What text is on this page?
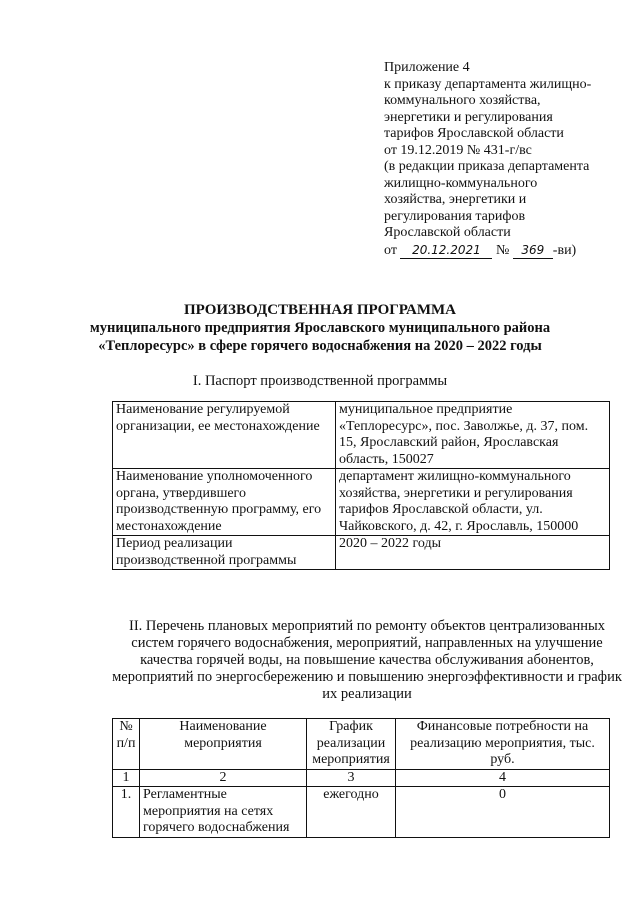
Приложение 4
к приказу департамента жилищно-
коммунального хозяйства,
энергетики и регулирования
тарифов Ярославской области
от 19.12.2019 № 431-г/вс
(в редакции приказа департамента
жилищно-коммунального
хозяйства, энергетики и
регулирования тарифов
Ярославской области
от 20.12.2021 № 369 -ви)
ПРОИЗВОДСТВЕННАЯ ПРОГРАММА
муниципального предприятия Ярославского муниципального района
«Теплоресурс» в сфере горячего водоснабжения на 2020 – 2022 годы
I. Паспорт производственной программы
Наименование регулируемой организации, ее местонахождение	муниципальное предприятие «Теплоресурс», пос. Заволжье, д. 37, пом. 15, Ярославский район, Ярославская область, 150027
Наименование уполномоченного органа, утвердившего производственную программу, его местонахождение	департамент жилищно-коммунального хозяйства, энергетики и регулирования тарифов Ярославской области, ул. Чайковского, д. 42, г. Ярославль, 150000
Период реализации производственной программы	2020 – 2022 годы
II. Перечень плановых мероприятий по ремонту объектов централизованных систем горячего водоснабжения, мероприятий, направленных на улучшение качества горячей воды, на повышение качества обслуживания абонентов, мероприятий по энергосбережению и повышению энергоэффективности и график их реализации
№ п/п	Наименование мероприятия	График реализации мероприятия	Финансовые потребности на реализацию мероприятия, тыс. руб.
1	2	3	4
1.	Регламентные мероприятия на сетях горячего водоснабжения	ежегодно	0
